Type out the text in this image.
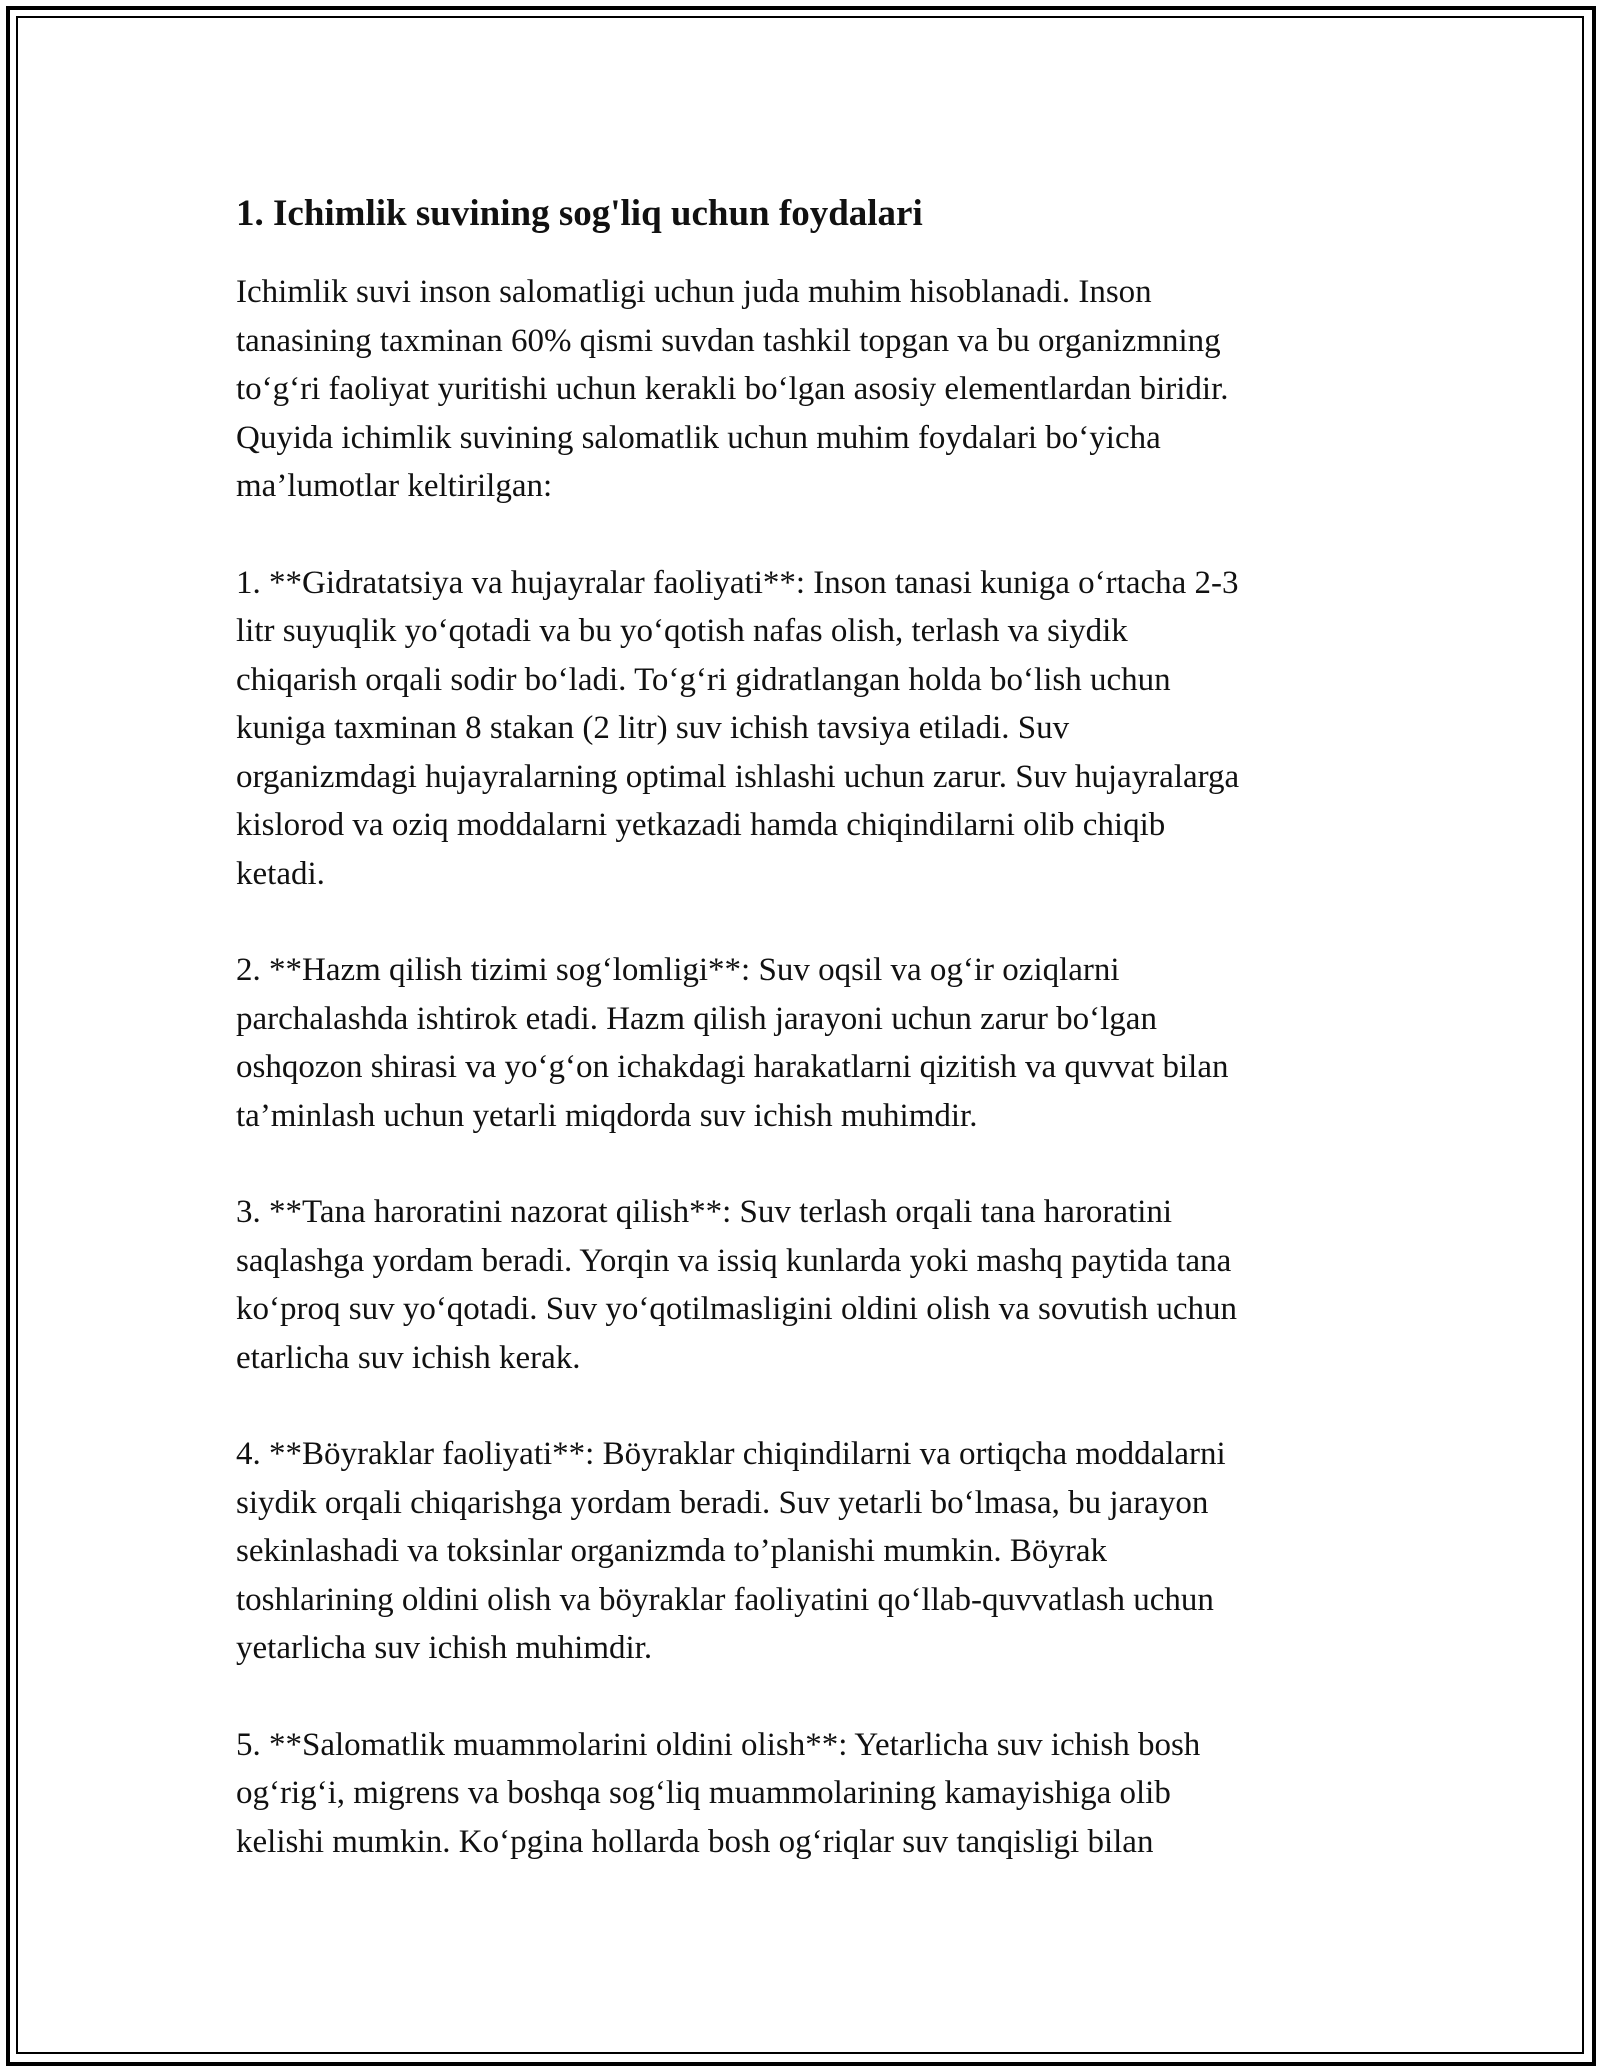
1. Ichimlik suvining sog'liq uchun foydalari

Ichimlik suvi inson salomatligi uchun juda muhim hisoblanadi. Inson
tanasining taxminan 60% qismi suvdan tashkil topgan va bu organizmning
to‘g‘ri faoliyat yuritishi uchun kerakli bo‘lgan asosiy elementlardan biridir.
Quyida ichimlik suvining salomatlik uchun muhim foydalari bo‘yicha
ma’lumotlar keltirilgan:

1. **Gidratatsiya va hujayralar faoliyati**: Inson tanasi kuniga o‘rtacha 2-3
litr suyuqlik yo‘qotadi va bu yo‘qotish nafas olish, terlash va siydik
chiqarish orqali sodir bo‘ladi. To‘g‘ri gidratlangan holda bo‘lish uchun
kuniga taxminan 8 stakan (2 litr) suv ichish tavsiya etiladi. Suv
organizmdagi hujayralarning optimal ishlashi uchun zarur. Suv hujayralarga
kislorod va oziq moddalarni yetkazadi hamda chiqindilarni olib chiqib
ketadi.

2. **Hazm qilish tizimi sog‘lomligi**: Suv oqsil va og‘ir oziqlarni
parchalashda ishtirok etadi. Hazm qilish jarayoni uchun zarur bo‘lgan
oshqozon shirasi va yo‘g‘on ichakdagi harakatlarni qizitish va quvvat bilan
ta’minlash uchun yetarli miqdorda suv ichish muhimdir.

3. **Tana haroratini nazorat qilish**: Suv terlash orqali tana haroratini
saqlashga yordam beradi. Yorqin va issiq kunlarda yoki mashq paytida tana
ko‘proq suv yo‘qotadi. Suv yo‘qotilmasligini oldini olish va sovutish uchun
etarlicha suv ichish kerak.

4. **Böyraklar faoliyati**: Böyraklar chiqindilarni va ortiqcha moddalarni
siydik orqali chiqarishga yordam beradi. Suv yetarli bo‘lmasa, bu jarayon
sekinlashadi va toksinlar organizmda to’planishi mumkin. Böyrak
toshlarining oldini olish va böyraklar faoliyatini qo‘llab-quvvatlash uchun
yetarlicha suv ichish muhimdir.

5. **Salomatlik muammolarini oldini olish**: Yetarlicha suv ichish bosh
og‘rig‘i, migrens va boshqa sog‘liq muammolarining kamayishiga olib
kelishi mumkin. Ko‘pgina hollarda bosh og‘riqlar suv tanqisligi bilan
